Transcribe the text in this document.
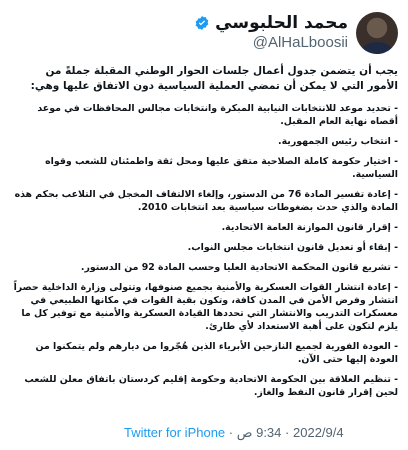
محمد الحلبوسي
@AlHaLboosii

يجب أن يتضمن جدول أعمال جلسات الحوار الوطني المقبلة جملةً من الأمور التي لا يمكن أن تمضي العملية السياسية دون الاتفاق عليها وهي:

- تحديد موعد للانتخابات النيابية المبكرة وانتخابات مجالس المحافظات في موعد أقصاه نهاية العام المقبل.

- انتخاب رئيس الجمهورية.

- اختيار حكومة كاملة الصلاحية متفق عليها ومحل ثقة واطمئنان للشعب وقواه السياسية.

- إعادة تفسير المادة 76 من الدستور، وإلغاء الالتفاف المخجل في التلاعب بحكم هذه المادة والذي حدث بضغوطات سياسية بعد انتخابات 2010.

- إقرار قانون الموازنة العامة الاتحادية.

- إبقاء أو تعديل قانون انتخابات مجلس النواب.

- تشريع قانون المحكمة الاتحادية العليا وحسب المادة 92 من الدستور.

- إعادة انتشار القوات العسكرية والأمنية بجميع صنوفها، وتتولى وزارة الداخلية حصراً انتشار وفرض الأمن في المدن كافة، وتكون بقية القوات في مكانها الطبيعي في معسكرات التدريب والانتشار التي تحددها القيادة العسكرية والأمنية مع توفير كل ما يلزم لتكون على أهبة الاستعداد لأي طارئ.

- العودة الفورية لجميع النازحين الأبرياء الذين هُجّروا من ديارهم ولم يتمكنوا من العودة إليها حتى الآن.

- تنظيم العلاقة بين الحكومة الاتحادية وحكومة إقليم كردستان باتفاق معلن للشعب لحين إقرار قانون النفط والغاز.

Twitter for iPhone · 9:34 ص · 2022/9/4
